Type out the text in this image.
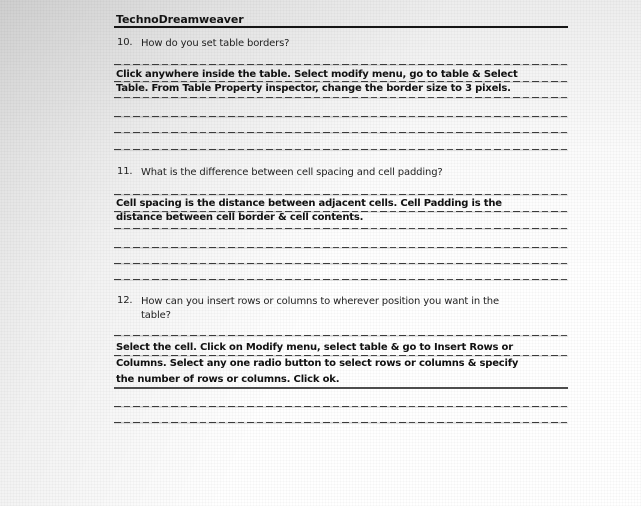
TechnoDreamweaver
10. How do you set table borders?
Click anywhere inside the table. Select modify menu, go to table & Select
Table. From Table Property inspector, change the border size to 3 pixels.
11. What is the difference between cell spacing and cell padding?
Cell spacing is the distance between adjacent cells. Cell Padding is the
distance between cell border & cell contents.
12. How can you insert rows or columns to wherever position you want in the
table?
Select the cell. Click on Modify menu, select table & go to Insert Rows or
Columns. Select any one radio button to select rows or columns & specify
the number of rows or columns. Click ok.
